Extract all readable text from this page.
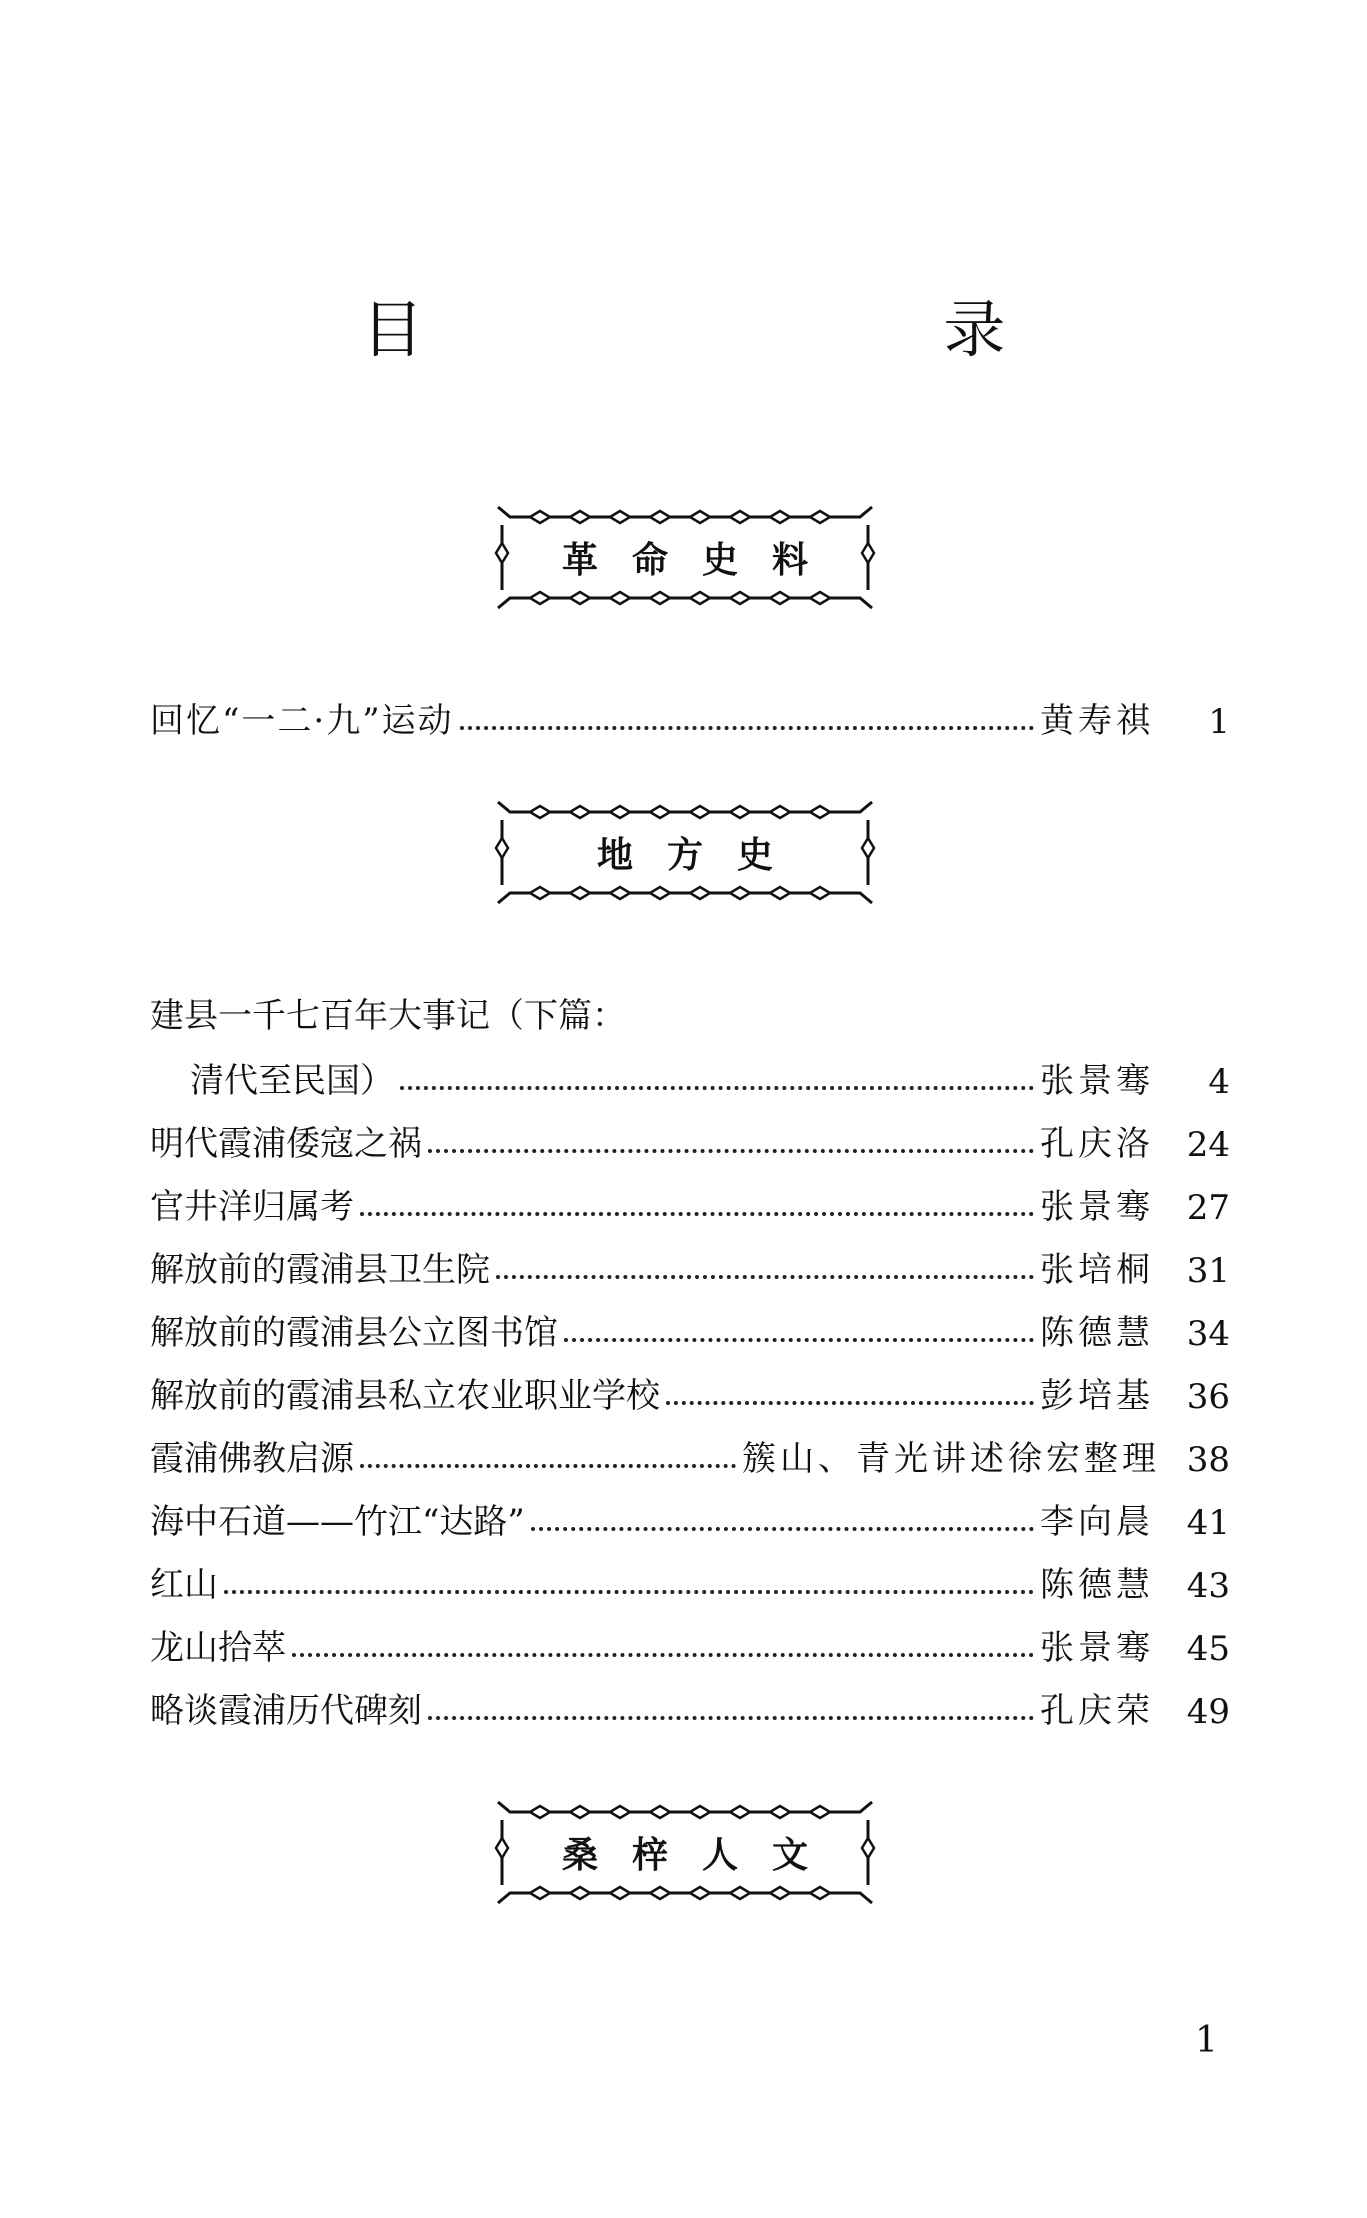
目 录
革命史料
回忆“一二·九”运动	黄寿祺	1
地方史
建县一千七百年大事记（下篇：
清代至民国）	张景骞	4
明代霞浦倭寇之祸	孔庆洛 24
官井洋归属考	张景骞 27
解放前的霞浦县卫生院	张培桐 31
解放前的霞浦县公立图书馆	陈德慧 34
解放前的霞浦县私立农业职业学校	彭培基 36
霞浦佛教启源	簇山、青光讲述徐宏整理 38
海中石道——竹江“达路”	李向晨 41
红山	陈德慧 43
龙山拾萃	张景骞 45
略谈霞浦历代碑刻	孔庆荣 49
桑梓人文
1
